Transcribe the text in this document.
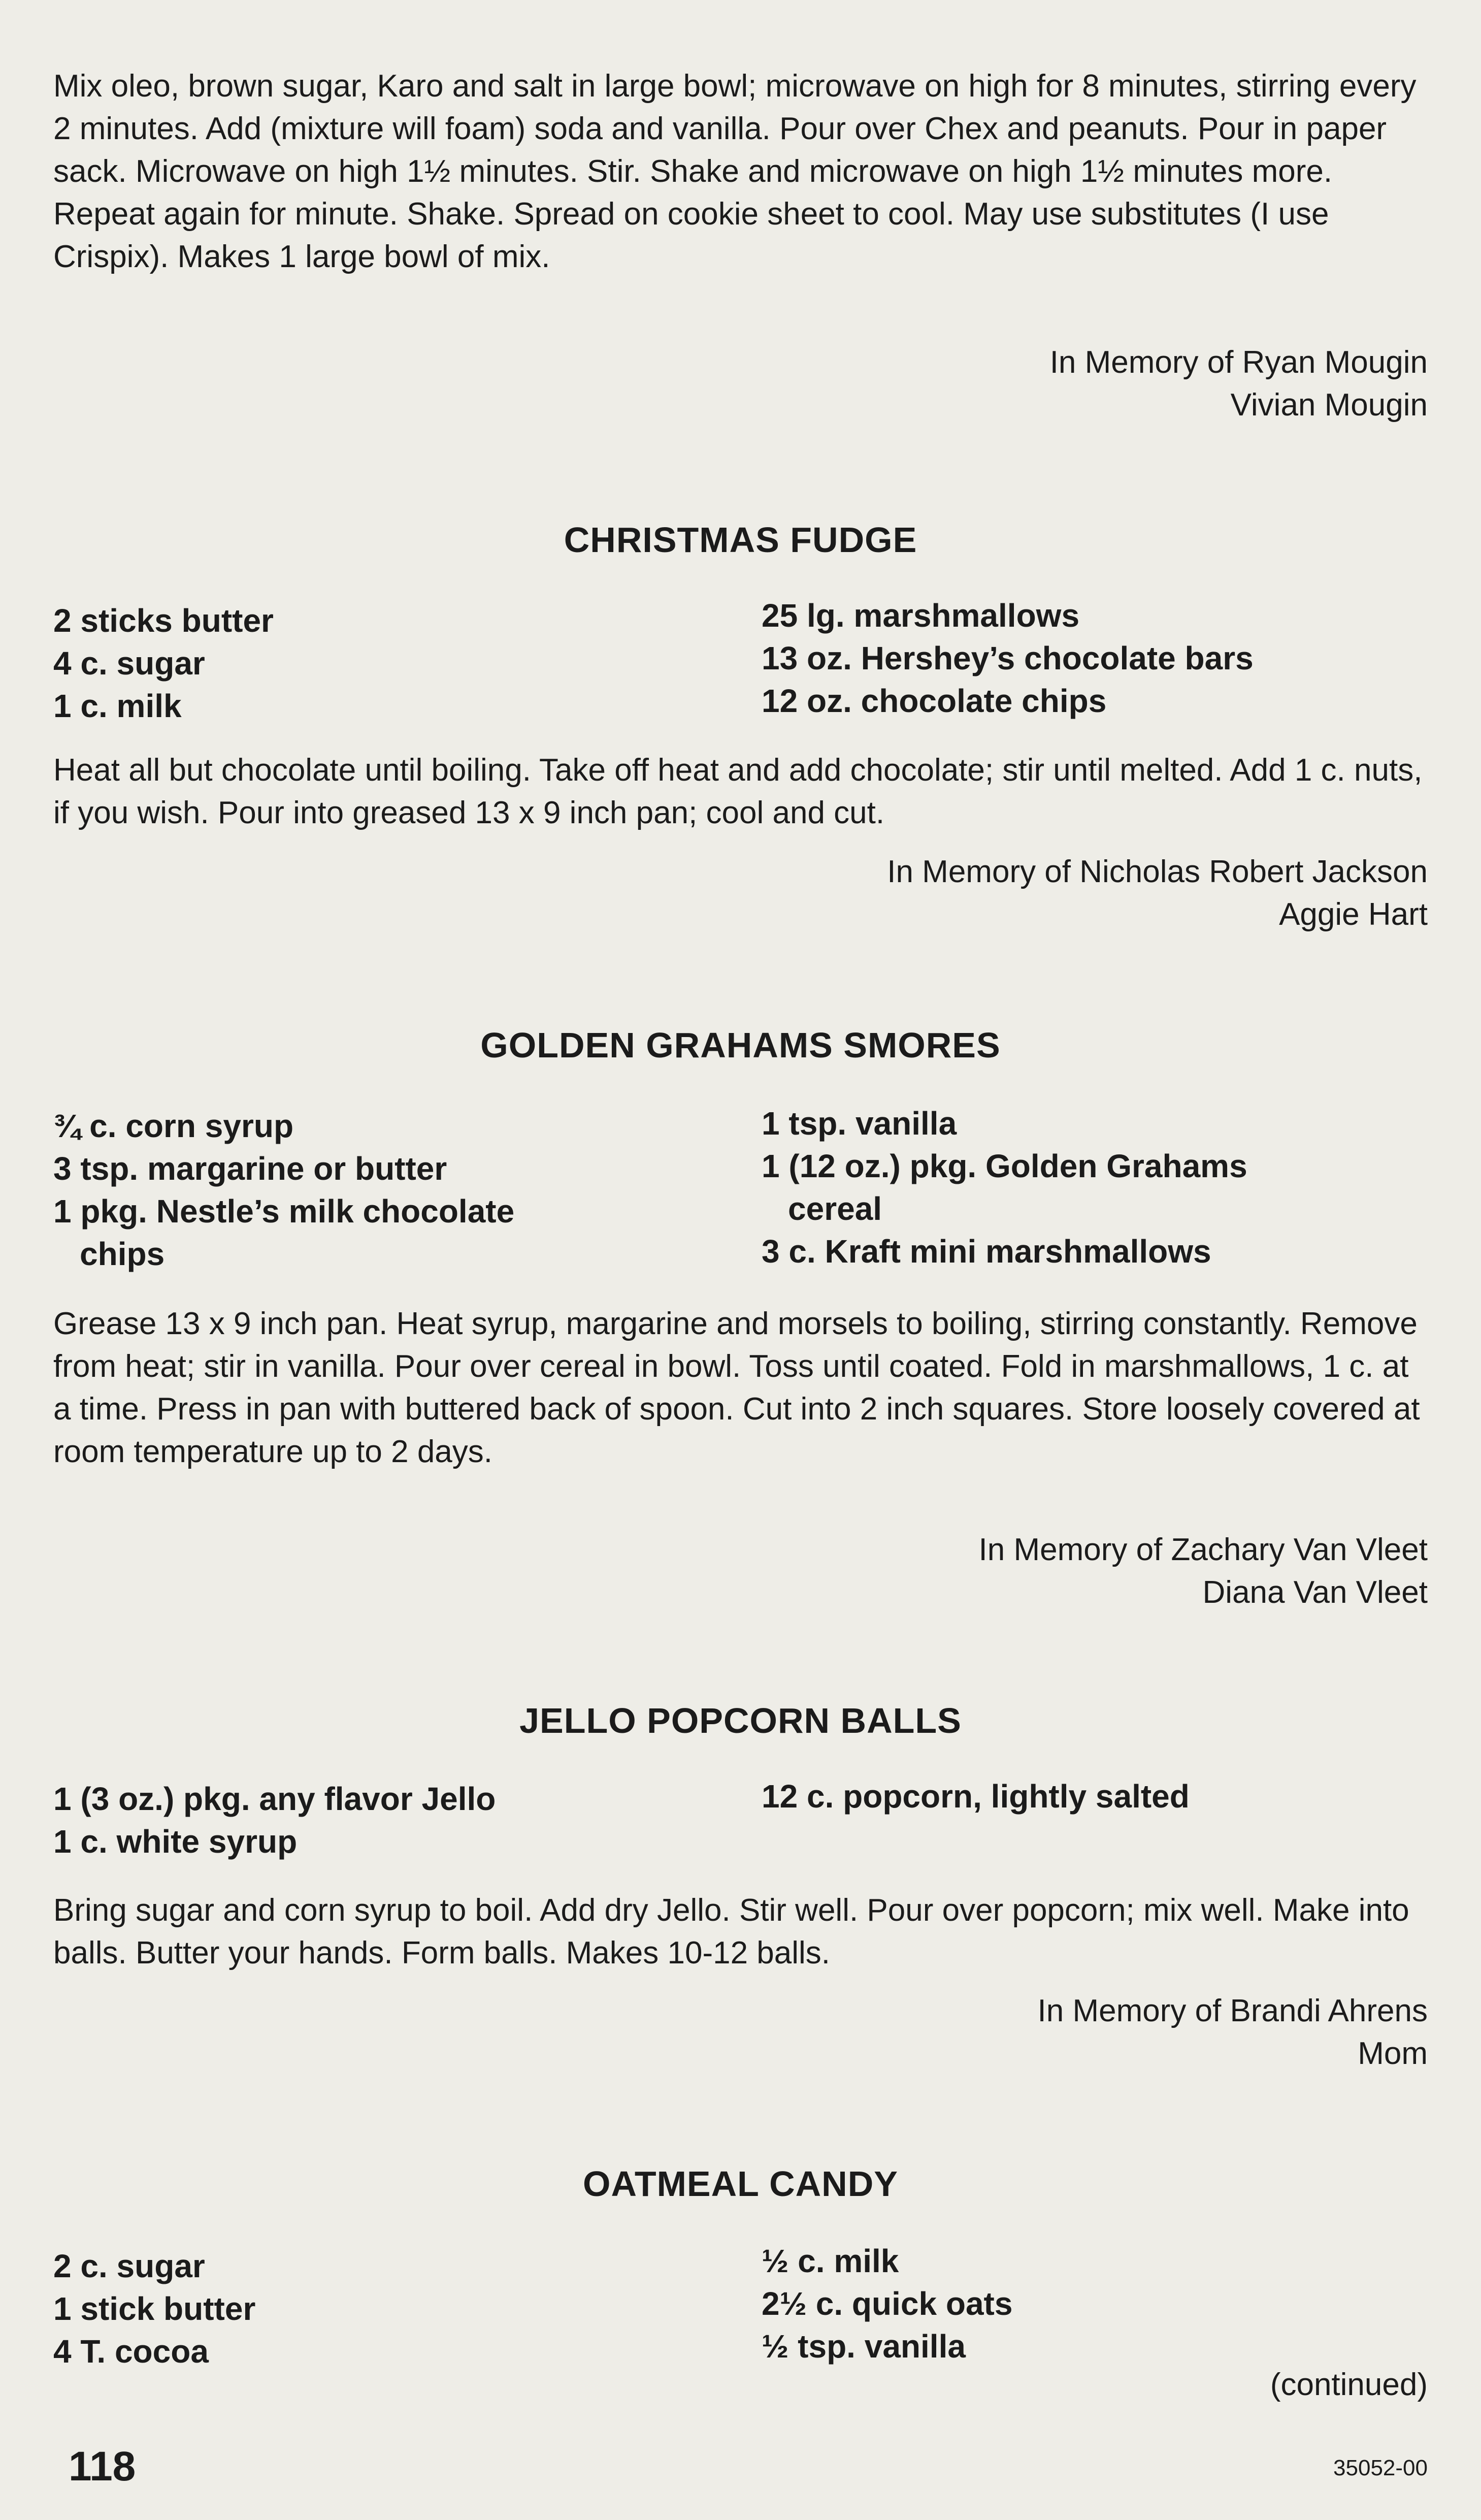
Mix oleo, brown sugar, Karo and salt in large bowl; microwave on high for 8 minutes, stirring every 2 minutes. Add (mixture will foam) soda and vanilla. Pour over Chex and peanuts. Pour in paper sack. Microwave on high 1½ minutes. Stir. Shake and microwave on high 1½ minutes more. Repeat again for minute. Shake. Spread on cookie sheet to cool. May use substitutes (I use Crispix). Makes 1 large bowl of mix.

In Memory of Ryan Mougin
Vivian Mougin
CHRISTMAS FUDGE
2 sticks butter
4 c. sugar
1 c. milk
25 lg. marshmallows
13 oz. Hershey’s chocolate bars
12 oz. chocolate chips

Heat all but chocolate until boiling. Take off heat and add chocolate; stir until melted. Add 1 c. nuts, if you wish. Pour into greased 13 x 9 inch pan; cool and cut.

In Memory of Nicholas Robert Jackson
Aggie Hart
GOLDEN GRAHAMS SMORES
¾ c. corn syrup
3 tsp. margarine or butter
1 pkg. Nestle’s milk chocolate
chips
1 tsp. vanilla
1 (12 oz.) pkg. Golden Grahams
cereal
3 c. Kraft mini marshmallows

Grease 13 x 9 inch pan. Heat syrup, margarine and morsels to boiling, stirring constantly. Remove from heat; stir in vanilla. Pour over cereal in bowl. Toss until coated. Fold in marshmallows, 1 c. at a time. Press in pan with buttered back of spoon. Cut into 2 inch squares. Store loosely covered at room temperature up to 2 days.

In Memory of Zachary Van Vleet
Diana Van Vleet
JELLO POPCORN BALLS
1 (3 oz.) pkg. any flavor Jello
1 c. white syrup
12 c. popcorn, lightly salted

Bring sugar and corn syrup to boil. Add dry Jello. Stir well. Pour over popcorn; mix well. Make into balls. Butter your hands. Form balls. Makes 10-12 balls.

In Memory of Brandi Ahrens
Mom
OATMEAL CANDY
2 c. sugar
1 stick butter
4 T. cocoa
½ c. milk
2½ c. quick oats
½ tsp. vanilla
(continued)
118	35052-00
